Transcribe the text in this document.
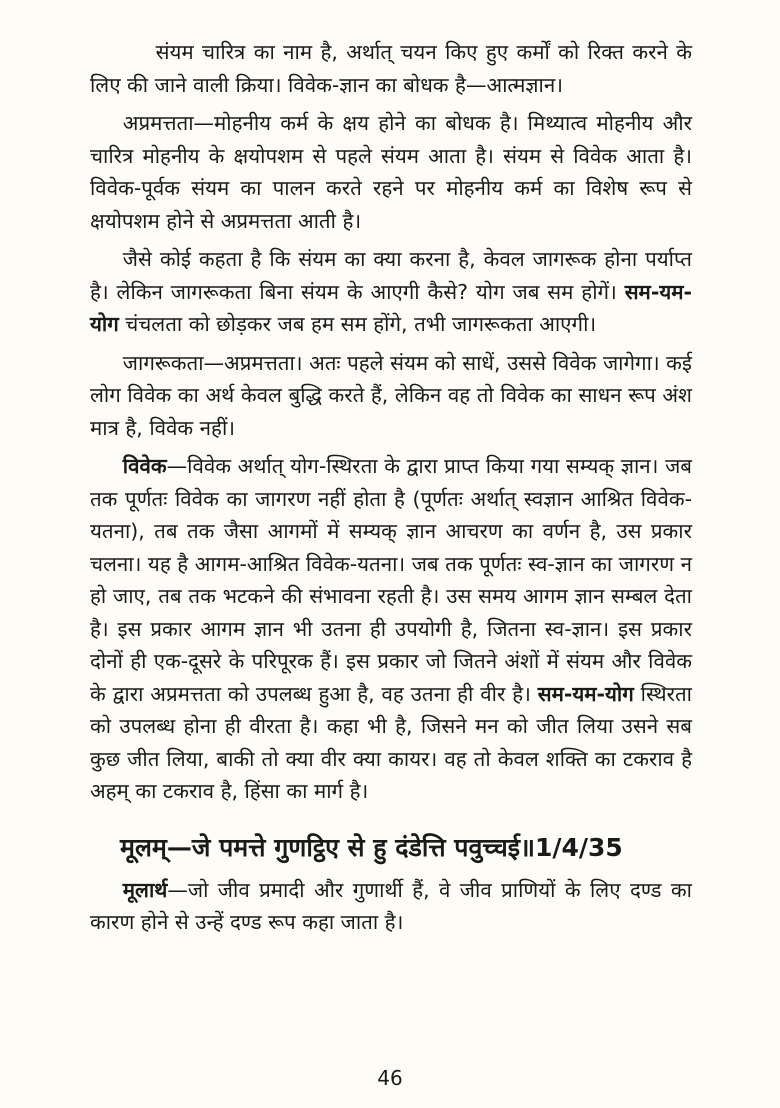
संयम चारित्र का नाम है, अर्थात् चयन किए हुए कर्मों को रिक्त करने के लिए की जाने वाली क्रिया। विवेक-ज्ञान का बोधक है—आत्मज्ञान।

अप्रमत्तता—मोहनीय कर्म के क्षय होने का बोधक है। मिथ्यात्व मोहनीय और चारित्र मोहनीय के क्षयोपशम से पहले संयम आता है। संयम से विवेक आता है। विवेक-पूर्वक संयम का पालन करते रहने पर मोहनीय कर्म का विशेष रूप से क्षयोपशम होने से अप्रमत्तता आती है।

जैसे कोई कहता है कि संयम का क्या करना है, केवल जागरूक होना पर्याप्त है। लेकिन जागरूकता बिना संयम के आएगी कैसे? योग जब सम होगें। सम-यम-योग चंचलता को छोड़कर जब हम सम होंगे, तभी जागरूकता आएगी।

जागरूकता—अप्रमत्तता। अतः पहले संयम को साधें, उससे विवेक जागेगा। कई लोग विवेक का अर्थ केवल बुद्धि करते हैं, लेकिन वह तो विवेक का साधन रूप अंश मात्र है, विवेक नहीं।

विवेक—विवेक अर्थात् योग-स्थिरता के द्वारा प्राप्त किया गया सम्यक् ज्ञान। जब तक पूर्णतः विवेक का जागरण नहीं होता है (पूर्णतः अर्थात् स्वज्ञान आश्रित विवेक-यतना), तब तक जैसा आगमों में सम्यक् ज्ञान आचरण का वर्णन है, उस प्रकार चलना। यह है आगम-आश्रित विवेक-यतना। जब तक पूर्णतः स्व-ज्ञान का जागरण न हो जाए, तब तक भटकने की संभावना रहती है। उस समय आगम ज्ञान सम्बल देता है। इस प्रकार आगम ज्ञान भी उतना ही उपयोगी है, जितना स्व-ज्ञान। इस प्रकार दोनों ही एक-दूसरे के परिपूरक हैं। इस प्रकार जो जितने अंशों में संयम और विवेक के द्वारा अप्रमत्तता को उपलब्ध हुआ है, वह उतना ही वीर है। सम-यम-योग स्थिरता को उपलब्ध होना ही वीरता है। कहा भी है, जिसने मन को जीत लिया उसने सब कुछ जीत लिया, बाकी तो क्या वीर क्या कायर। वह तो केवल शक्ति का टकराव है अहम् का टकराव है, हिंसा का मार्ग है।

मूलम्—जे पमत्ते गुणट्ठिए से हु दंडेत्ति पवुच्चई॥1/4/35

मूलार्थ—जो जीव प्रमादी और गुणार्थी हैं, वे जीव प्राणियों के लिए दण्ड का कारण होने से उन्हें दण्ड रूप कहा जाता है।

46
